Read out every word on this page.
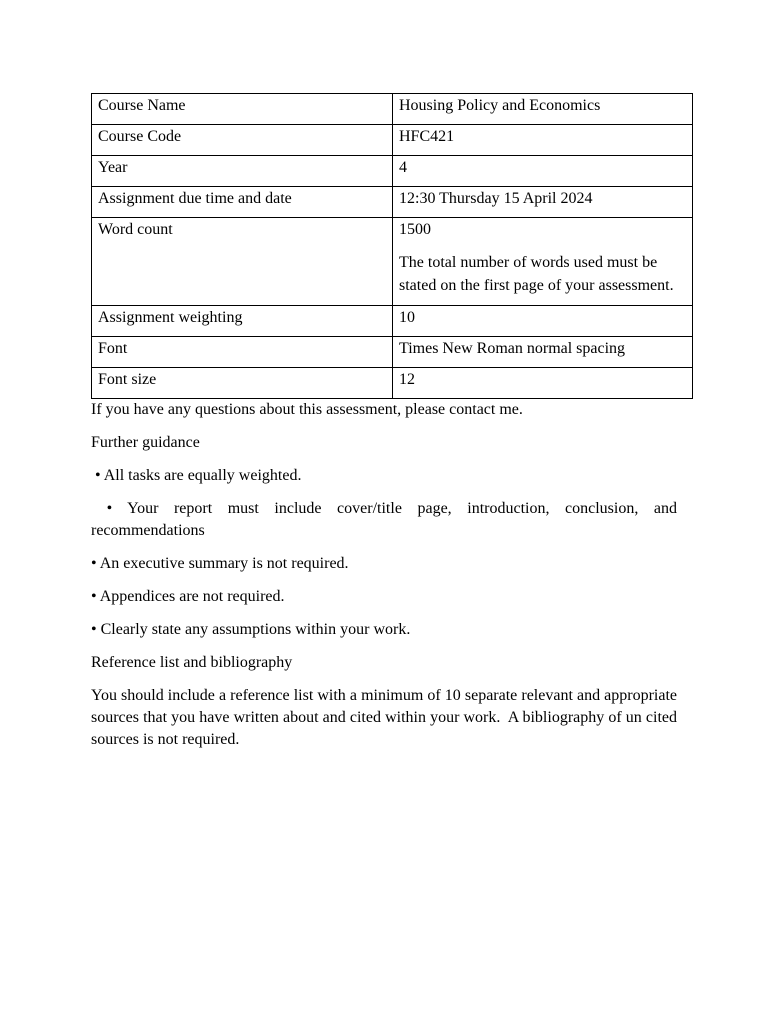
Course Name	Housing Policy and Economics
Course Code	HFC421
Year	4
Assignment due time and date	12:30 Thursday 15 April 2024
Word count	1500
The total number of words used must be stated on the first page of your assessment.

Assignment weighting	10
Font	Times New Roman normal spacing
Font size	12

If you have any questions about this assessment, please contact me.

Further guidance

• All tasks are equally weighted.

• Your report must include cover/title page, introduction, conclusion, and recommendations

• An executive summary is not required.

• Appendices are not required.

• Clearly state any assumptions within your work.

Reference list and bibliography

You should include a reference list with a minimum of 10 separate relevant and appropriate sources that you have written about and cited within your work.  A bibliography of un cited sources is not required.
